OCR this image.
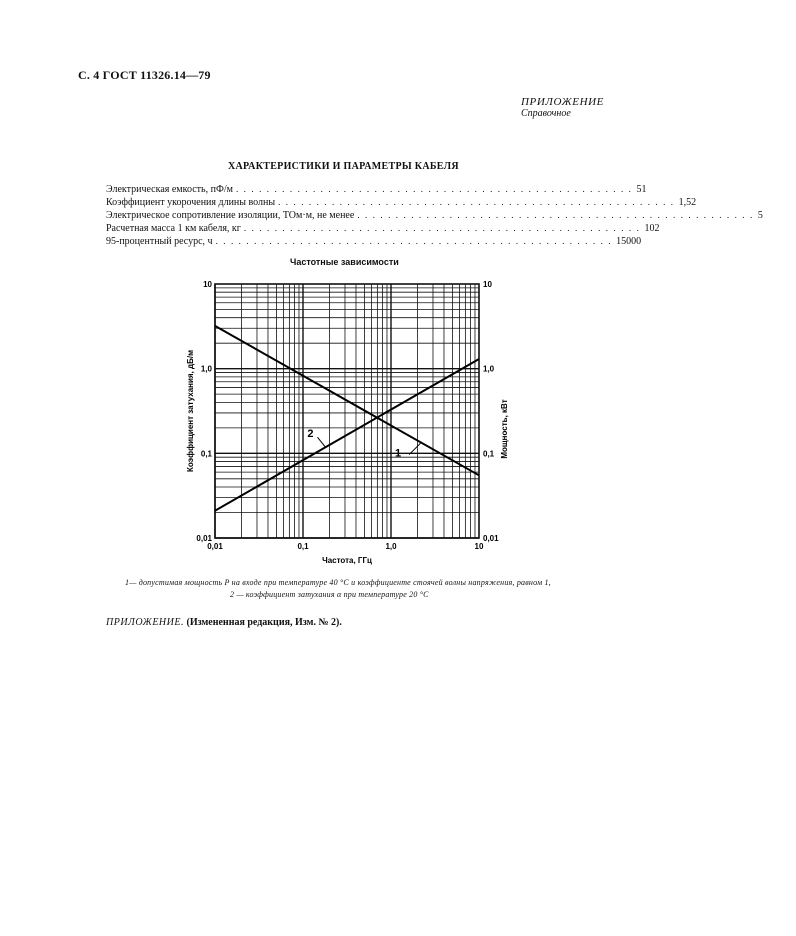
С. 4 ГОСТ 11326.14—79
ПРИЛОЖЕНИЕ
Справочное
ХАРАКТЕРИСТИКИ И ПАРАМЕТРЫ КАБЕЛЯ
Электрическая емкость, пФ/м . . . . . . . . . . . . . . . . . . . . . . . . . . . . . . . . . . . . . . . . . . . . . . . . . . . . 51
Коэффициент укорочения длины волны . . . . . . . . . . . . . . . . . . . . . . . . . . . . . . . . . . . . . . . . . . . . . . . . . . . . 1,52
Электрическое сопротивление изоляции, ТОм·м, не менее . . . . . . . . . . . . . . . . . . . . . . . . . . . . . . . . . . . . . . . . . . . . . . . . . . . . 5
Расчетная масса 1 км кабеля, кг . . . . . . . . . . . . . . . . . . . . . . . . . . . . . . . . . . . . . . . . . . . . . . . . . . . . 102
95-процентный ресурс, ч . . . . . . . . . . . . . . . . . . . . . . . . . . . . . . . . . . . . . . . . . . . . . . . . . . . . 15000
Частотные зависимости
0,01	0,1	1,0	10
10
1,0
0,1
0,01
10
1,0
0,1
0,01
Частота, ГГц
Коэффициент затухания, дБ/м	Мощность, кВт
1
2
1— допустимая мощность P на входе при температуре 40 °С и коэффициенте стоячей волны напряжения, равном 1,
2 — коэффициент затухания α при температуре 20 °С
ПРИЛОЖЕНИЕ. (Измененная редакция, Изм. № 2).
